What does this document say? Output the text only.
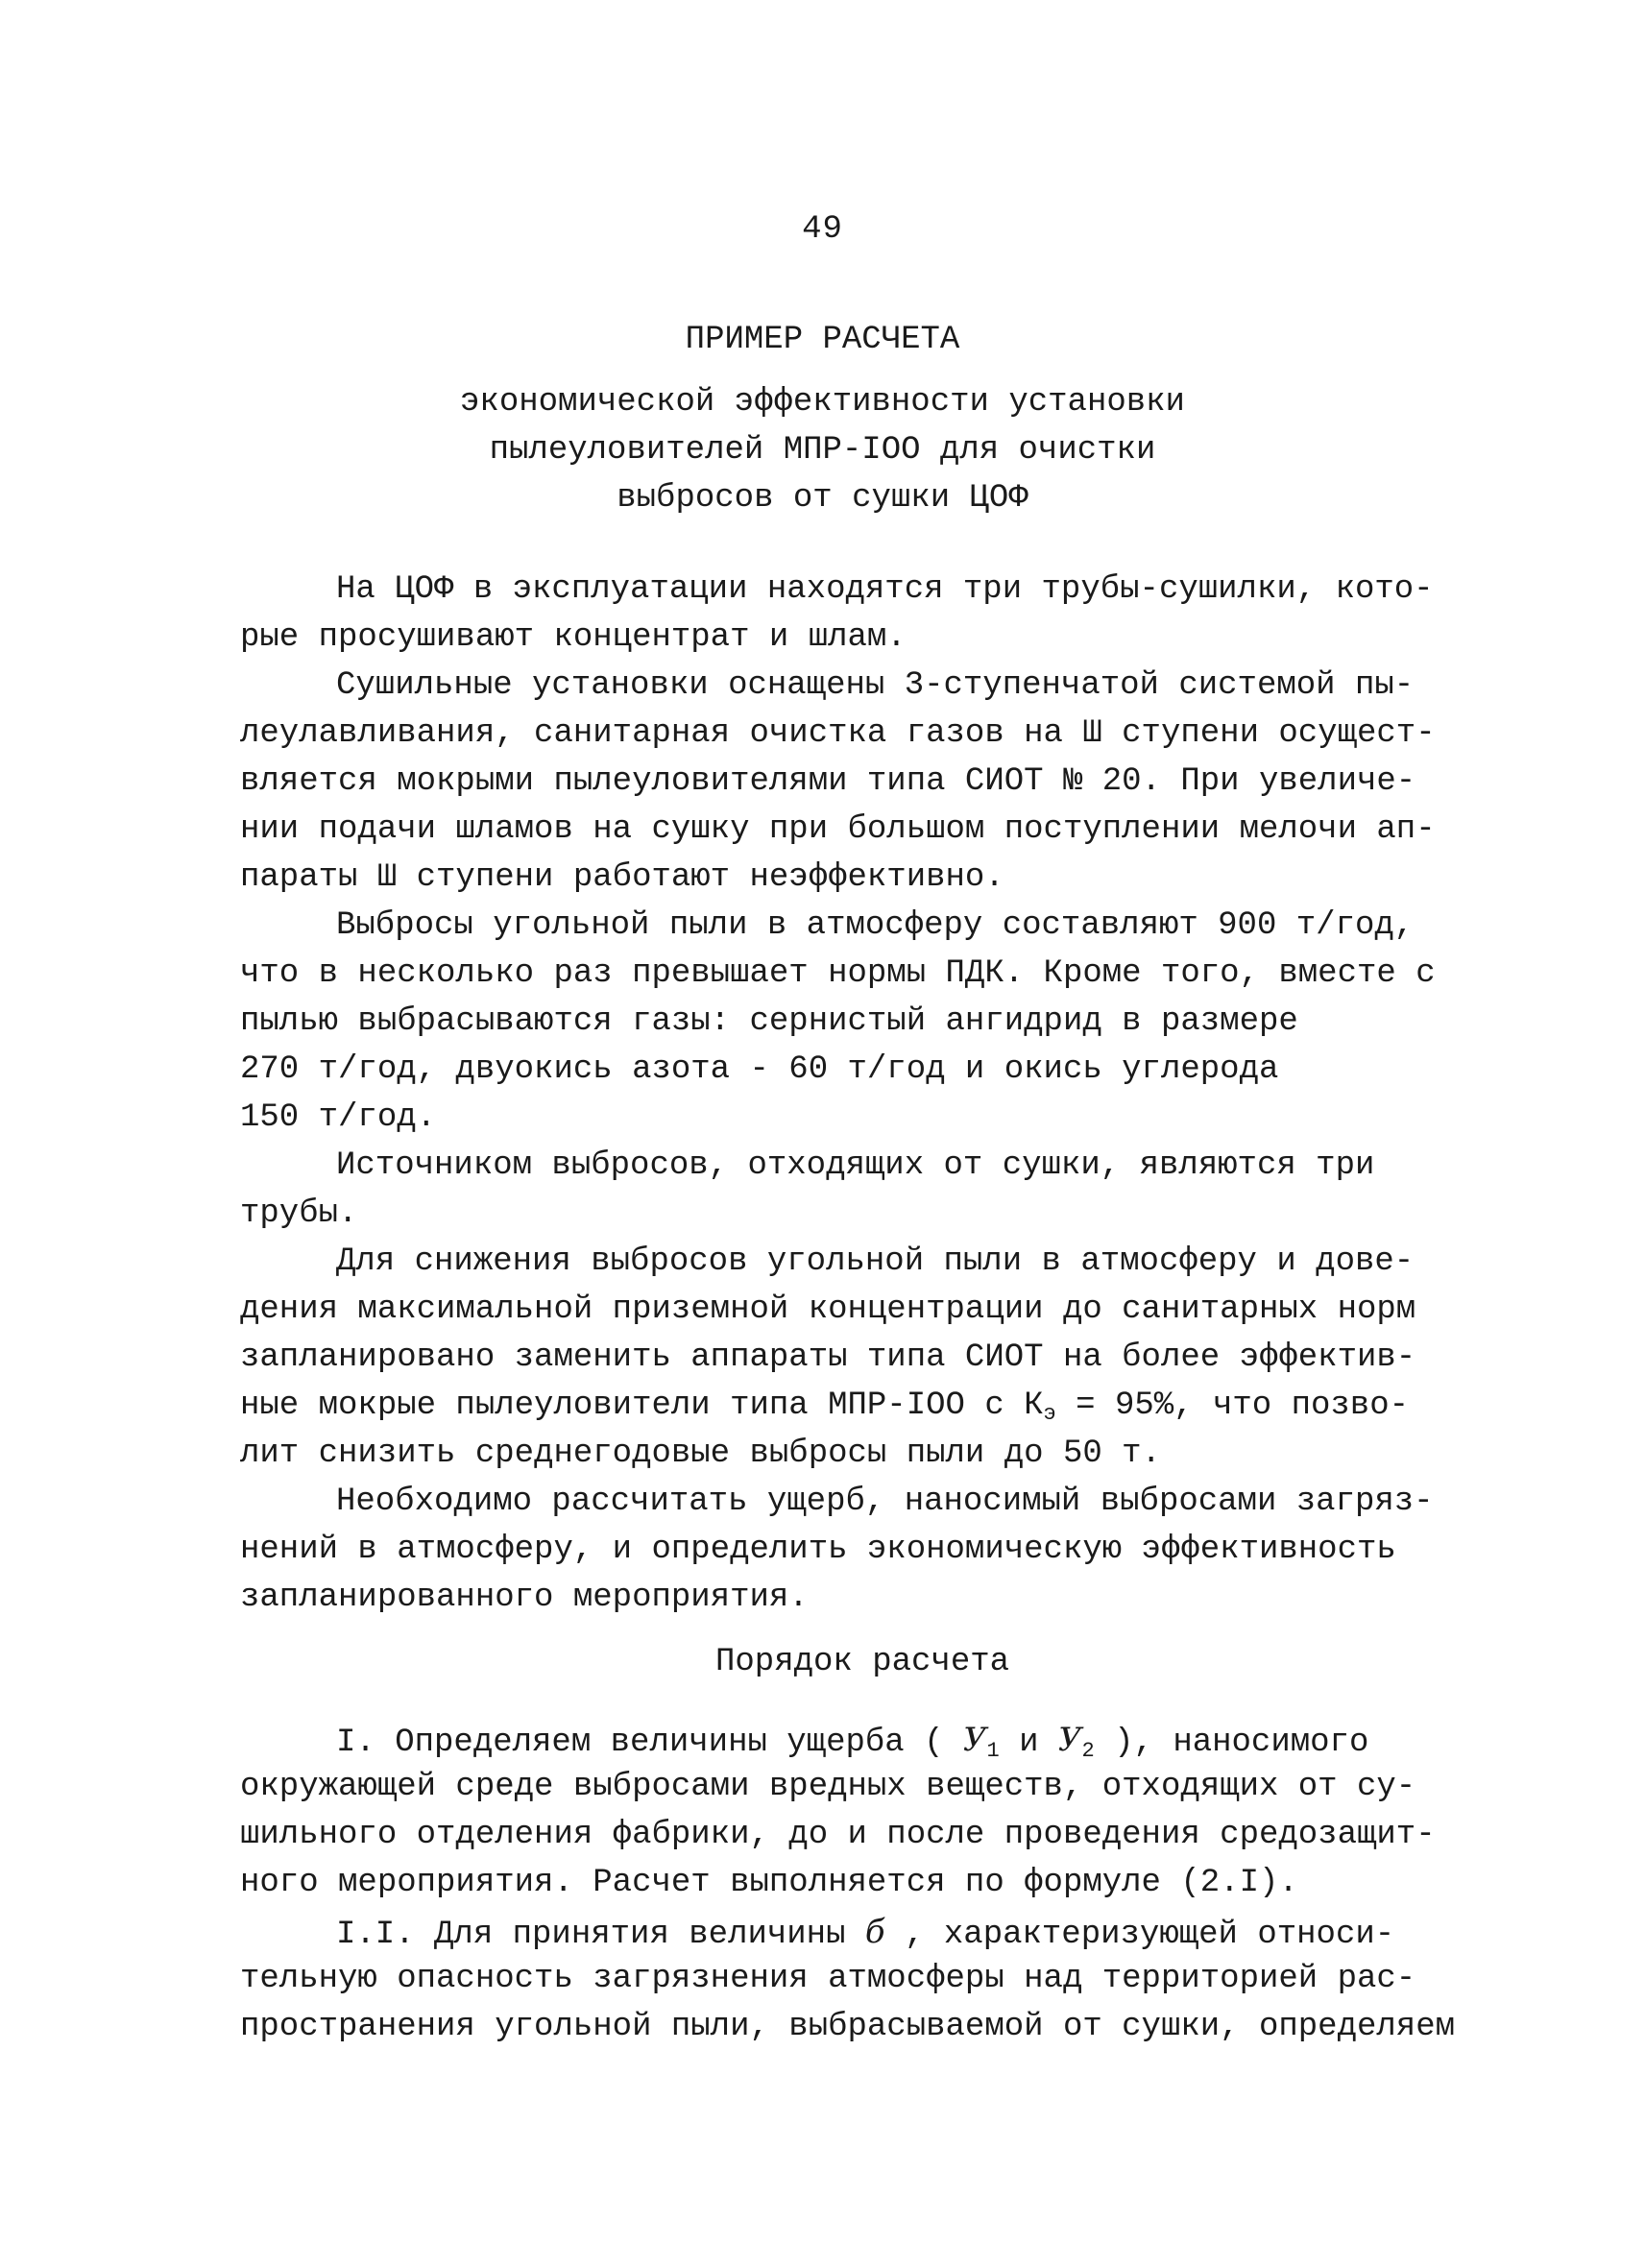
49
ПРИМЕР РАСЧЕТА
экономической эффективности установки
пылеуловителей МПР-IOO для очистки
выбросов от сушки ЦОФ
На ЦОФ в эксплуатации находятся три трубы-сушилки, кото-
рые просушивают концентрат и шлам.
Сушильные установки оснащены 3-ступенчатой системой пы-
леулавливания, санитарная очистка газов на Ш ступени осущест-
вляется мокрыми пылеуловителями типа СИОТ № 20. При увеличе-
нии подачи шламов на сушку при большом поступлении мелочи ап-
параты Ш ступени работают неэффективно.
Выбросы угольной пыли в атмосферу составляют 900 т/год,
что в несколько раз превышает нормы ПДК. Кроме того, вместе с
пылью выбрасываются газы: сернистый ангидрид в размере
270 т/год, двуокись азота - 60 т/год и окись углерода
150 т/год.
Источником выбросов, отходящих от сушки, являются три
трубы.
Для снижения выбросов угольной пыли в атмосферу и дове-
дения максимальной приземной концентрации до санитарных норм
запланировано заменить аппараты типа СИОТ на более эффектив-
ные мокрые пылеуловители типа МПР-IOO с $К_э = 95\%$, что позво-
лит снизить среднегодовые выбросы пыли до 50 т.
Необходимо рассчитать ущерб, наносимый выбросами загряз-
нений в атмосферу, и определить экономическую эффективность
запланированного мероприятия.
Порядок расчета
I. Определяем величины ущерба ( $У_1$ и $У_2$ ), наносимого
окружающей среде выбросами вредных веществ, отходящих от су-
шильного отделения фабрики, до и после проведения средозащит-
ного мероприятия. Расчет выполняется по формуле (2.I).
I.I. Для принятия величины б , характеризующей относи-
тельную опасность загрязнения атмосферы над территорией рас-
пространения угольной пыли, выбрасываемой от сушки, определяем
